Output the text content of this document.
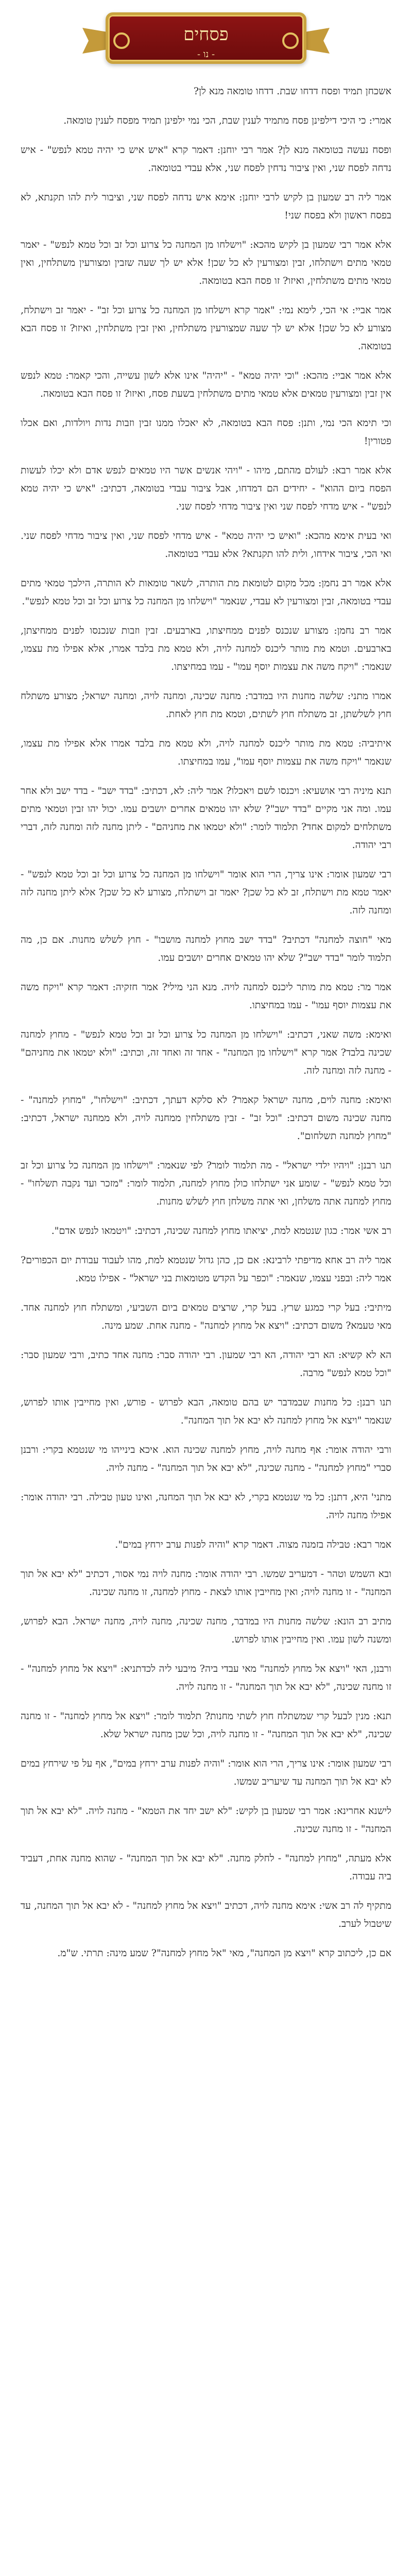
פסחים
- נו -

אשכחן תמיד ופסח דדחו שבת. דדחו טומאה מנא לן?

אמרי: כי היכי דילפינן פסח מתמיד לענין שבת, הכי נמי ילפינן תמיד מפסח לענין טומאה.

ופסח נעשה בטומאה מנא לן? אמר רבי יוחנן: דאמר קרא "איש איש כי יהיה טמא לנפש" - איש נדחה לפסח שני, ואין ציבור נדחין לפסח שני, אלא עבדי בטומאה.

אמר ליה רב שמעון בן לקיש לרבי יוחנן: אימא איש נדחה לפסח שני, וציבור לית להו תקנתא, לא בפסח ראשון ולא בפסח שני!

אלא אמר רבי שמעון בן לקיש מהכא: "וישלחו מן המחנה כל צרוע וכל זב וכל טמא לנפש" - יאמר טמאי מתים וישתלחו, זבין ומצורעין לא כל שכן! אלא יש לך שעה שזבין ומצורעין משתלחין, ואין טמאי מתים משתלחין, ואיזו? זו פסח הבא בטומאה.

אמר אביי: אי הכי, לימא נמי: "אמר קרא וישלחו מן המחנה כל צרוע וכל זב" - יאמר זב וישתלח, מצורע לא כל שכן! אלא יש לך שעה שמצורעין משתלחין, ואין זבין משתלחין, ואיזו? זו פסח הבא בטומאה.

אלא אמר אביי: מהכא: "וכי יהיה טמא" - "יהיה" אינו אלא לשון עשייה, והכי קאמר: טמא לנפש אין זבין ומצורעין טמאים אלא טמאי מתים משתלחין בשעת פסח, ואיזו? זו פסח הבא בטומאה.

וכי תימא הכי נמי, ותנן: פסח הבא בטומאה, לא יאכלו ממנו זבין וזבות נדות ויולדות, ואם אכלו פטורין!

אלא אמר רבא: לעולם מהתם, מיהו - "ויהי אנשים אשר היו טמאים לנפש אדם ולא יכלו לעשות הפסח ביום ההוא" - יחידים הם דמדחו, אבל ציבור עבדי בטומאה, דכתיב: "איש כי יהיה טמא לנפש" - איש מדחי לפסח שני ואין ציבור מדחי לפסח שני.

ואי בעית אימא מהכא: "ואיש כי יהיה טמא" - איש מדחי לפסח שני, ואין ציבור מדחי לפסח שני. ואי הכי, ציבור אידחו, ולית להו תקנתא? אלא עבדי בטומאה.

אלא אמר רב נחמן: מכל מקום לטומאת מת הותרה, לשאר טומאות לא הותרה, הילכך טמאי מתים עבדי בטומאה, זבין ומצורעין לא עבדי, שנאמר "וישלחו מן המחנה כל צרוע וכל זב וכל טמא לנפש".

אמר רב נחמן: מצורע שנכנס לפנים ממחיצתו, בארבעים. זבין וזבות שנכנסו לפנים ממחיצתן, בארבעים. וטמא מת מותר ליכנס למחנה לויה, ולא טמא מת בלבד אמרו, אלא אפילו מת עצמו, שנאמר: "ויקח משה את עצמות יוסף עמו" - עמו במחיצתו.

אמרו מתני: שלשה מחנות היו במדבר: מחנה שכינה, ומחנה לויה, ומחנה ישראל; מצורע משתלח חוץ לשלשתן, זב משתלח חוץ לשתים, וטמא מת חוץ לאחת.

איתיביה: טמא מת מותר ליכנס למחנה לויה, ולא טמא מת בלבד אמרו אלא אפילו מת עצמו, שנאמר "ויקח משה את עצמות יוסף עמו", עמו במחיצתו.

תנא מיניה רבי אושעיא: ויכנסו לשם ויאכלו? אמר ליה: לא, דכתיב: "בדד ישב" - בדד ישב ולא אחר עמו. ומה אני מקיים "בדד ישב"? שלא יהו טמאים אחרים יושבים עמו. יכול יהו זבין וטמאי מתים משתלחים למקום אחד? תלמוד לומר: "ולא יטמאו את מחניהם" - ליתן מחנה לזה ומחנה לזה, דברי רבי יהודה.

רבי שמעון אומר: אינו צריך, הרי הוא אומר "וישלחו מן המחנה כל צרוע וכל זב וכל טמא לנפש" - יאמר טמא מת וישתלח, זב לא כל שכן? יאמר זב וישתלח, מצורע לא כל שכן? אלא ליתן מחנה לזה ומחנה לזה.

מאי "חוצה למחנה" דכתיב? "בדד ישב מחוץ למחנה מושבו" - חוץ לשלש מחנות. אם כן, מה תלמוד לומר "בדד ישב"? שלא יהו טמאים אחרים יושבים עמו.

אמר מר: טמא מת מותר ליכנס למחנה לויה. מנא הני מילי? אמר חזקיה: דאמר קרא "ויקח משה את עצמות יוסף עמו" - עמו במחיצתו.

ואימא: משה שאני, דכתיב: "וישלחו מן המחנה כל צרוע וכל זב וכל טמא לנפש" - מחוץ למחנה שכינה בלבד? אמר קרא "וישלחו מן המחנה" - אחד זה ואחד זה, וכתיב: "ולא יטמאו את מחניהם" - מחנה לזה ומחנה לזה.

ואימא: מחנה לוים, מחנה ישראל קאמר? לא סלקא דעתך, דכתיב: "וישלחו", "מחוץ למחנה" - מחנה שכינה משום דכתיב: "וכל זב" - זבין משתלחין ממחנה לויה, ולא ממחנה ישראל, דכתיב: "מחוץ למחנה תשלחום".

תנו רבנן: "ויהיו ילדי ישראל" - מה תלמוד לומר? לפי שנאמר: "וישלחו מן המחנה כל צרוע וכל זב וכל טמא לנפש" - שומע אני ישתלחו כולן מחוץ למחנה, תלמוד לומר: "מזכר ועד נקבה תשלחו" - מחוץ למחנה אתה משלחן, ואי אתה משלחן חוץ לשלש מחנות.

רב אשי אמר: כגון שנטמא למת, יציאתו מחוץ למחנה שכינה, דכתיב: "ויטמאו לנפש אדם".

אמר ליה רב אחא מדיפתי לרבינא: אם כן, כהן גדול שנטמא למת, מהו לעבוד עבודת יום הכפורים? אמר ליה: ובפני עצמו, שנאמר: "וכפר על הקדש מטומאות בני ישראל" - אפילו טמא.

מיתיבי: בעל קרי כמגע שרץ. בעל קרי, שרצים טמאים ביום השביעי, ומשתלח חוץ למחנה אחד. מאי טעמא? משום דכתיב: "ויצא אל מחוץ למחנה" - מחנה אחת. שמע מינה.

הא לא קשיא: הא רבי יהודה, הא רבי שמעון. רבי יהודה סבר: מחנה אחד כתיב, ורבי שמעון סבר: "וכל טמא לנפש" מרבה.

תנו רבנן: כל מחנות שבמדבר יש בהם טומאה, הבא לפרוש - פורש, ואין מחייבין אותו לפרוש, שנאמר "ויצא אל מחוץ למחנה לא יבא אל תוך המחנה".

ורבי יהודה אומר: אף מחנה לויה, מחוץ למחנה שכינה הוא. איכא בינייהו מי שנטמא בקרי: ורבנן סברי "מחוץ למחנה" - מחנה שכינה, "לא יבא אל תוך המחנה" - מחנה לויה.

מתני' היא, דתנן: כל מי שנטמא בקרי, לא יבא אל תוך המחנה, ואינו טעון טבילה. רבי יהודה אומר: אפילו מחנה לויה.

אמר רבא: טבילה בזמנה מצוה. דאמר קרא "והיה לפנות ערב ירחץ במים".

ובא השמש וטהר - דמעריב שמשו. רבי יהודה אומר: מחנה לויה נמי אסור, דכתיב "לא יבא אל תוך המחנה" - זו מחנה לויה; ואין מחייבין אותו לצאת - מחוץ למחנה, זו מחנה שכינה.

מתיב רב הונא: שלשה מחנות היו במדבר, מחנה שכינה, מחנה לויה, מחנה ישראל. הבא לפרוש, ומשנה לשון עמו. ואין מחייבין אותו לפרוש.

ורבנן, האי "ויצא אל מחוץ למחנה" מאי עבדי ביה? מיבעי ליה לכדתניא: "ויצא אל מחוץ למחנה" - זו מחנה שכינה, "לא יבא אל תוך המחנה" - זו מחנה לויה.

תנא: מנין לבעל קרי שמשתלח חוץ לשתי מחנות? תלמוד לומר: "ויצא אל מחוץ למחנה" - זו מחנה שכינה, "לא יבא אל תוך המחנה" - זו מחנה לויה, וכל שכן מחנה ישראל שלא.

רבי שמעון אומר: אינו צריך, הרי הוא אומר: "והיה לפנות ערב ירחץ במים", אף על פי שירחץ במים לא יבא אל תוך המחנה עד שיעריב שמשו.

לישנא אחרינא: אמר רבי שמעון בן לקיש: "לא ישב יחד את הטמא" - מחנה לויה. "לא יבא אל תוך המחנה" - זו מחנה שכינה.

אלא מעתה, "מחוץ למחנה" - לחלק מחנה. "לא יבא אל תוך המחנה" - שהוא מחנה אחת, דעביד ביה עבודה.

מתקיף לה רב אשי: אימא מחנה לויה, דכתיב "ויצא אל מחוץ למחנה" - לא יבא אל תוך המחנה, עד שיטבול לערב.

אם כן, ליכתוב קרא "ויצא מן המחנה", מאי "אל מחוץ למחנה"? שמע מינה: תרתי. ש"מ.
